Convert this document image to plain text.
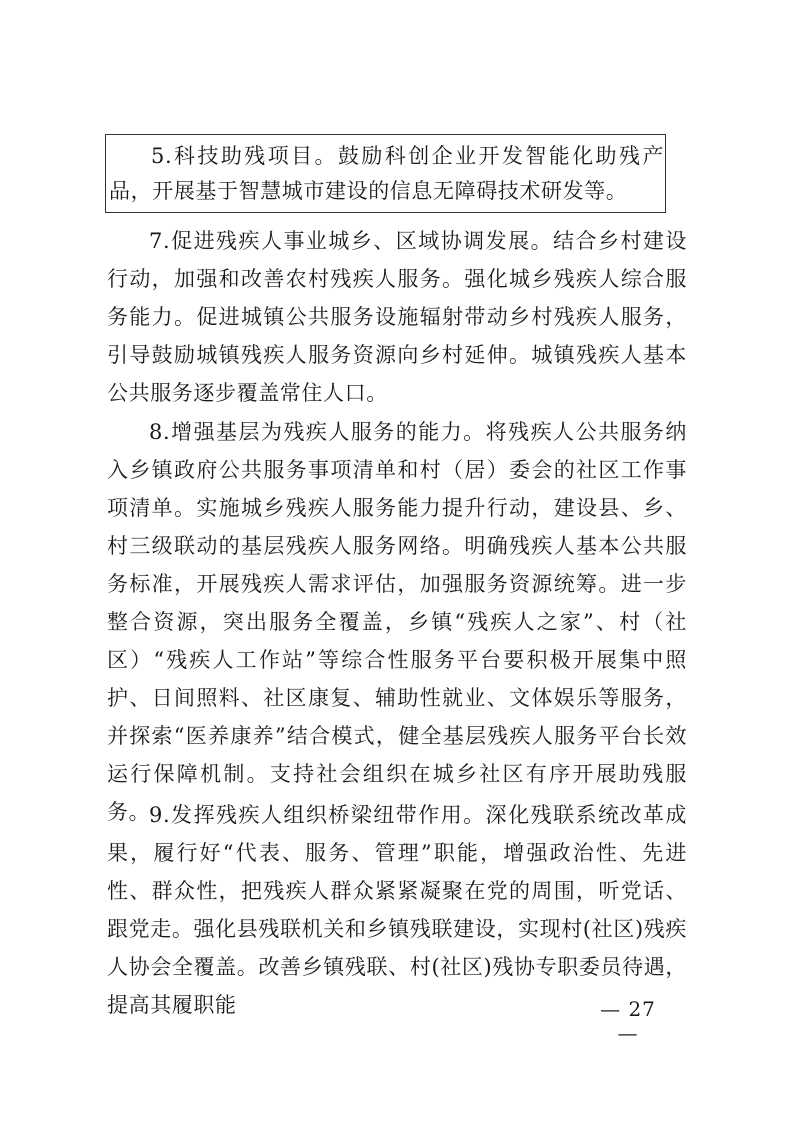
5.科技助残项目。鼓励科创企业开发智能化助残产品，开展基于智慧城市建设的信息无障碍技术研发等。

7.促进残疾人事业城乡、区域协调发展。结合乡村建设行动，加强和改善农村残疾人服务。强化城乡残疾人综合服务能力。促进城镇公共服务设施辐射带动乡村残疾人服务，引导鼓励城镇残疾人服务资源向乡村延伸。城镇残疾人基本公共服务逐步覆盖常住人口。

8.增强基层为残疾人服务的能力。将残疾人公共服务纳入乡镇政府公共服务事项清单和村（居）委会的社区工作事项清单。实施城乡残疾人服务能力提升行动，建设县、乡、村三级联动的基层残疾人服务网络。明确残疾人基本公共服务标准，开展残疾人需求评估，加强服务资源统筹。进一步整合资源，突出服务全覆盖，乡镇“残疾人之家”、村（社区）“残疾人工作站”等综合性服务平台要积极开展集中照护、日间照料、社区康复、辅助性就业、文体娱乐等服务，并探索“医养康养”结合模式，健全基层残疾人服务平台长效运行保障机制。支持社会组织在城乡社区有序开展助残服务。

9.发挥残疾人组织桥梁纽带作用。深化残联系统改革成果，履行好“代表、服务、管理”职能，增强政治性、先进性、群众性，把残疾人群众紧紧凝聚在党的周围，听党话、跟党走。强化县残联机关和乡镇残联建设，实现村(社区)残疾人协会全覆盖。改善乡镇残联、村(社区)残协专职委员待遇，提高其履职能	— 27 —
